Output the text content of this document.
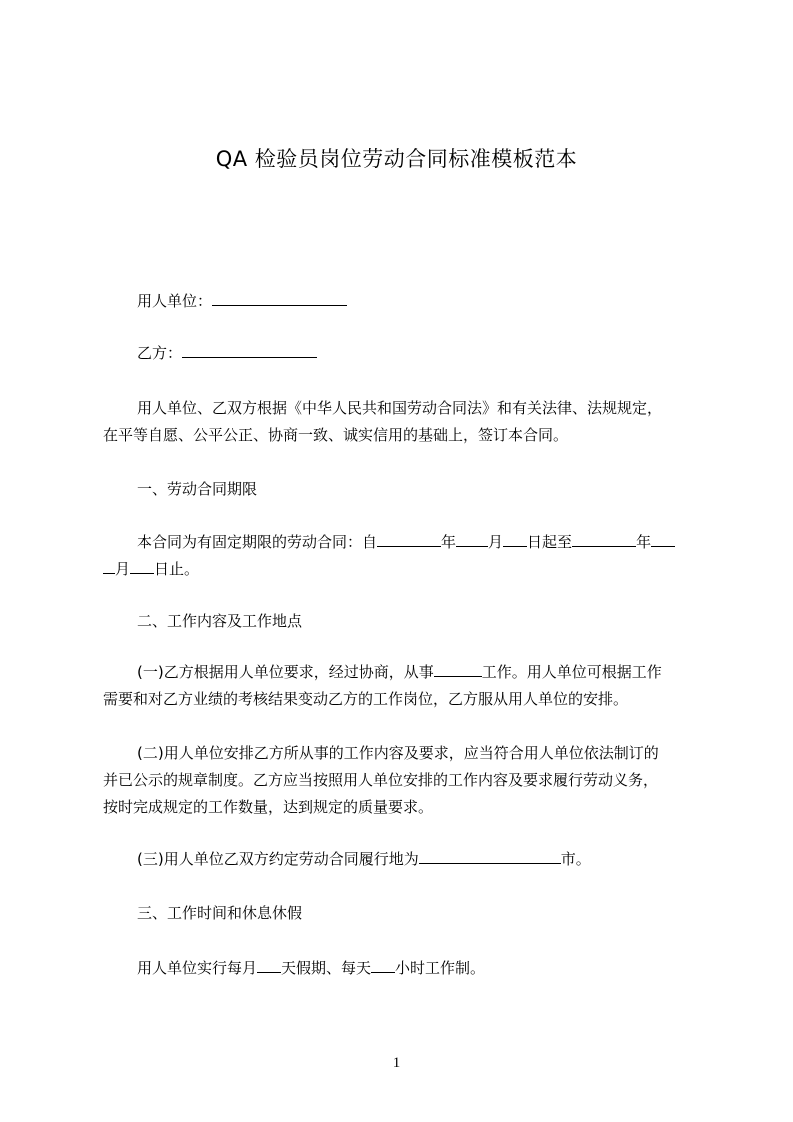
QA 检验员岗位劳动合同标准模板范本
用人单位：
乙方：
用人单位、乙双方根据《中华人民共和国劳动合同法》和有关法律、法规规定，
在平等自愿、公平公正、协商一致、诚实信用的基础上，签订本合同。
一、劳动合同期限
本合同为有固定期限的劳动合同：自	年 月 日起至	年
月 日止。
二、工作内容及工作地点
(一)乙方根据用人单位要求，经过协商，从事	工作。用人单位可根据工作
需要和对乙方业绩的考核结果变动乙方的工作岗位，乙方服从用人单位的安排。
(二)用人单位安排乙方所从事的工作内容及要求，应当符合用人单位依法制订的
并已公示的规章制度。乙方应当按照用人单位安排的工作内容及要求履行劳动义务，
按时完成规定的工作数量，达到规定的质量要求。
(三)用人单位乙双方约定劳动合同履行地为	市。
三、工作时间和休息休假
用人单位实行每月 天假期、每天 小时工作制。
1
